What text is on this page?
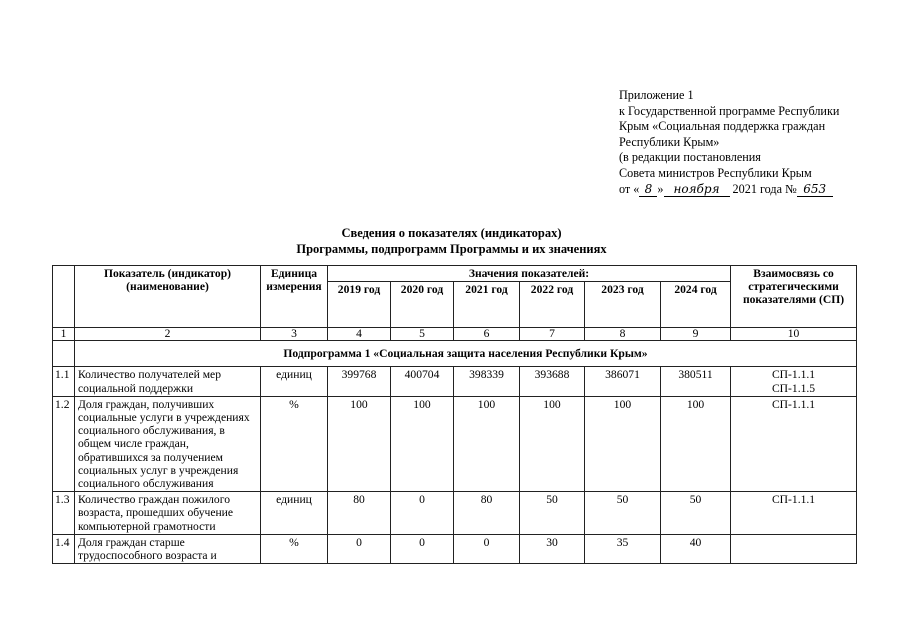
Приложение 1
к Государственной программе Республики
Крым «Социальная поддержка граждан
Республики Крым»
(в редакции постановления
Совета министров Республики Крым
от « 8 » ноября 2021 года № 653
Сведения о показателях (индикаторах)
Программы, подпрограмм Программы и их значениях
	Показатель (индикатор) (наименование)	Единица измерения	Значения показателей:						Взаимосвязь со стратегическими показателями (СП)
			2019 год	2020 год	2021 год	2022 год	2023 год	2024 год	
1	2	3	4	5	6	7	8	9	10
	Подпрограмма 1 «Социальная защита населения Республики Крым»								
1.1	Количество получателей мер социальной поддержки	единиц	399768	400704	398339	393688	386071	380511	СП-1.1.1
СП-1.1.5

1.2	Доля граждан, получивших социальные услуги в учреждениях социального обслуживания, в общем числе граждан, обратившихся за получением социальных услуг в учреждения социального обслуживания	%	100	100	100	100	100	100	СП-1.1.1

1.3	Количество граждан пожилого возраста, прошедших обучение компьютерной грамотности	единиц	80	0	80	50	50	50	СП-1.1.1

1.4	Доля граждан старше трудоспособного возраста и	%	0	0	0	30	35	40	
